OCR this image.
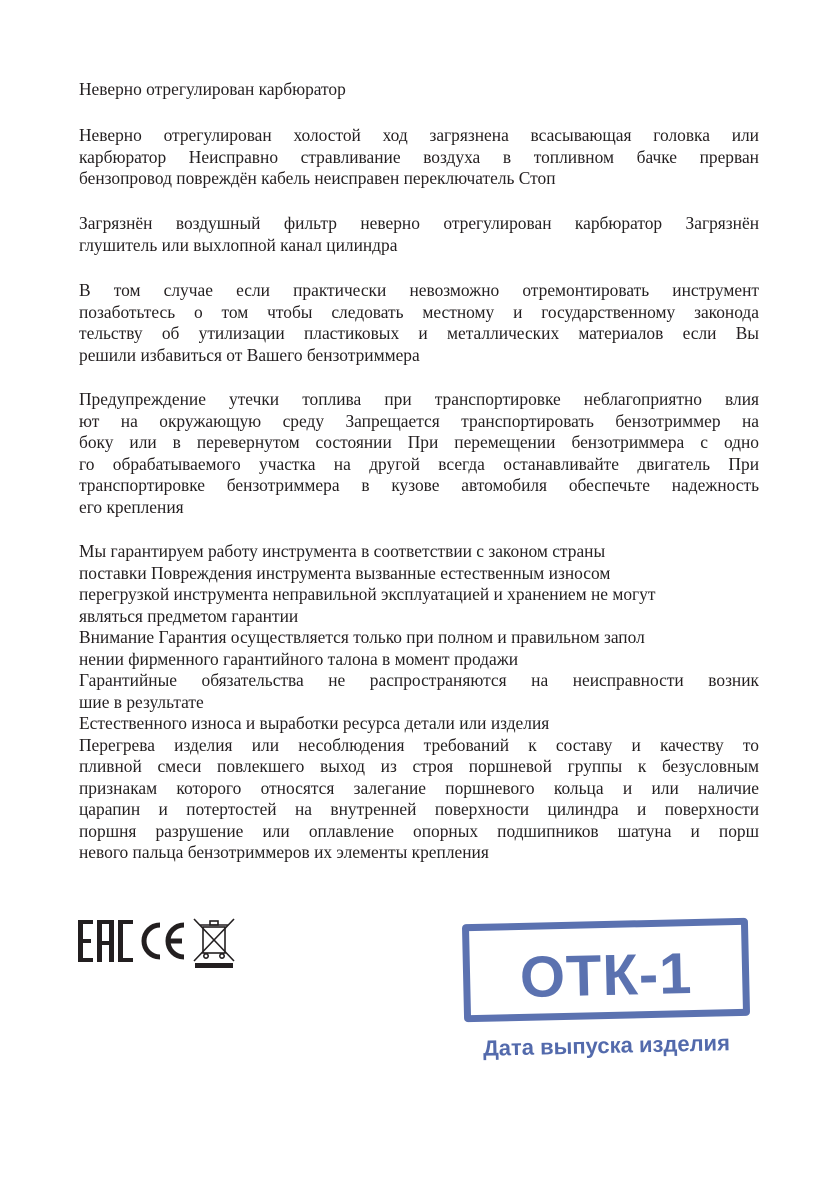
Неверно отрегулирован карбюратор

Неверно отрегулирован холостой ход загрязнена всасывающая головка или

карбюратор Неисправно стравливание воздуха в топливном бачке прерван

бензопровод повреждён кабель неисправен переключатель Стоп

Загрязнён воздушный фильтр неверно отрегулирован карбюратор Загрязнён

глушитель или выхлопной канал цилиндра

В том случае если практически невозможно отремонтировать инструмент

позаботьтесь о том чтобы следовать местному и государственному законода

тельству об утилизации пластиковых и металлических материалов если Вы

решили избавиться от Вашего бензотриммера

Предупреждение утечки топлива при транспортировке неблагоприятно влия

ют на окружающую среду Запрещается транспортировать бензотриммер на

боку или в перевернутом состоянии При перемещении бензотриммера с одно

го обрабатываемого участка на другой всегда останавливайте двигатель При

транспортировке бензотриммера в кузове автомобиля обеспечьте надежность

его крепления

Мы гарантируем работу инструмента в соответствии с законом страны

поставки Повреждения инструмента вызванные естественным износом

перегрузкой инструмента неправильной эксплуатацией и хранением не могут

являться предметом гарантии

Внимание Гарантия осуществляется только при полном и правильном запол

нении фирменного гарантийного талона в момент продажи

Гарантийные обязательства не распространяются на неисправности возник

шие в результате

Естественного износа и выработки ресурса детали или изделия

Перегрева изделия или несоблюдения требований к составу и качеству то

пливной смеси повлекшего выход из строя поршневой группы к безусловным

признакам которого относятся залегание поршневого кольца и или наличие

царапин и потертостей на внутренней поверхности цилиндра и поверхности

поршня разрушение или оплавление опорных подшипников шатуна и порш

невого пальца бензотриммеров их элементы крепления

ОТК-1
Дата выпуска изделия
